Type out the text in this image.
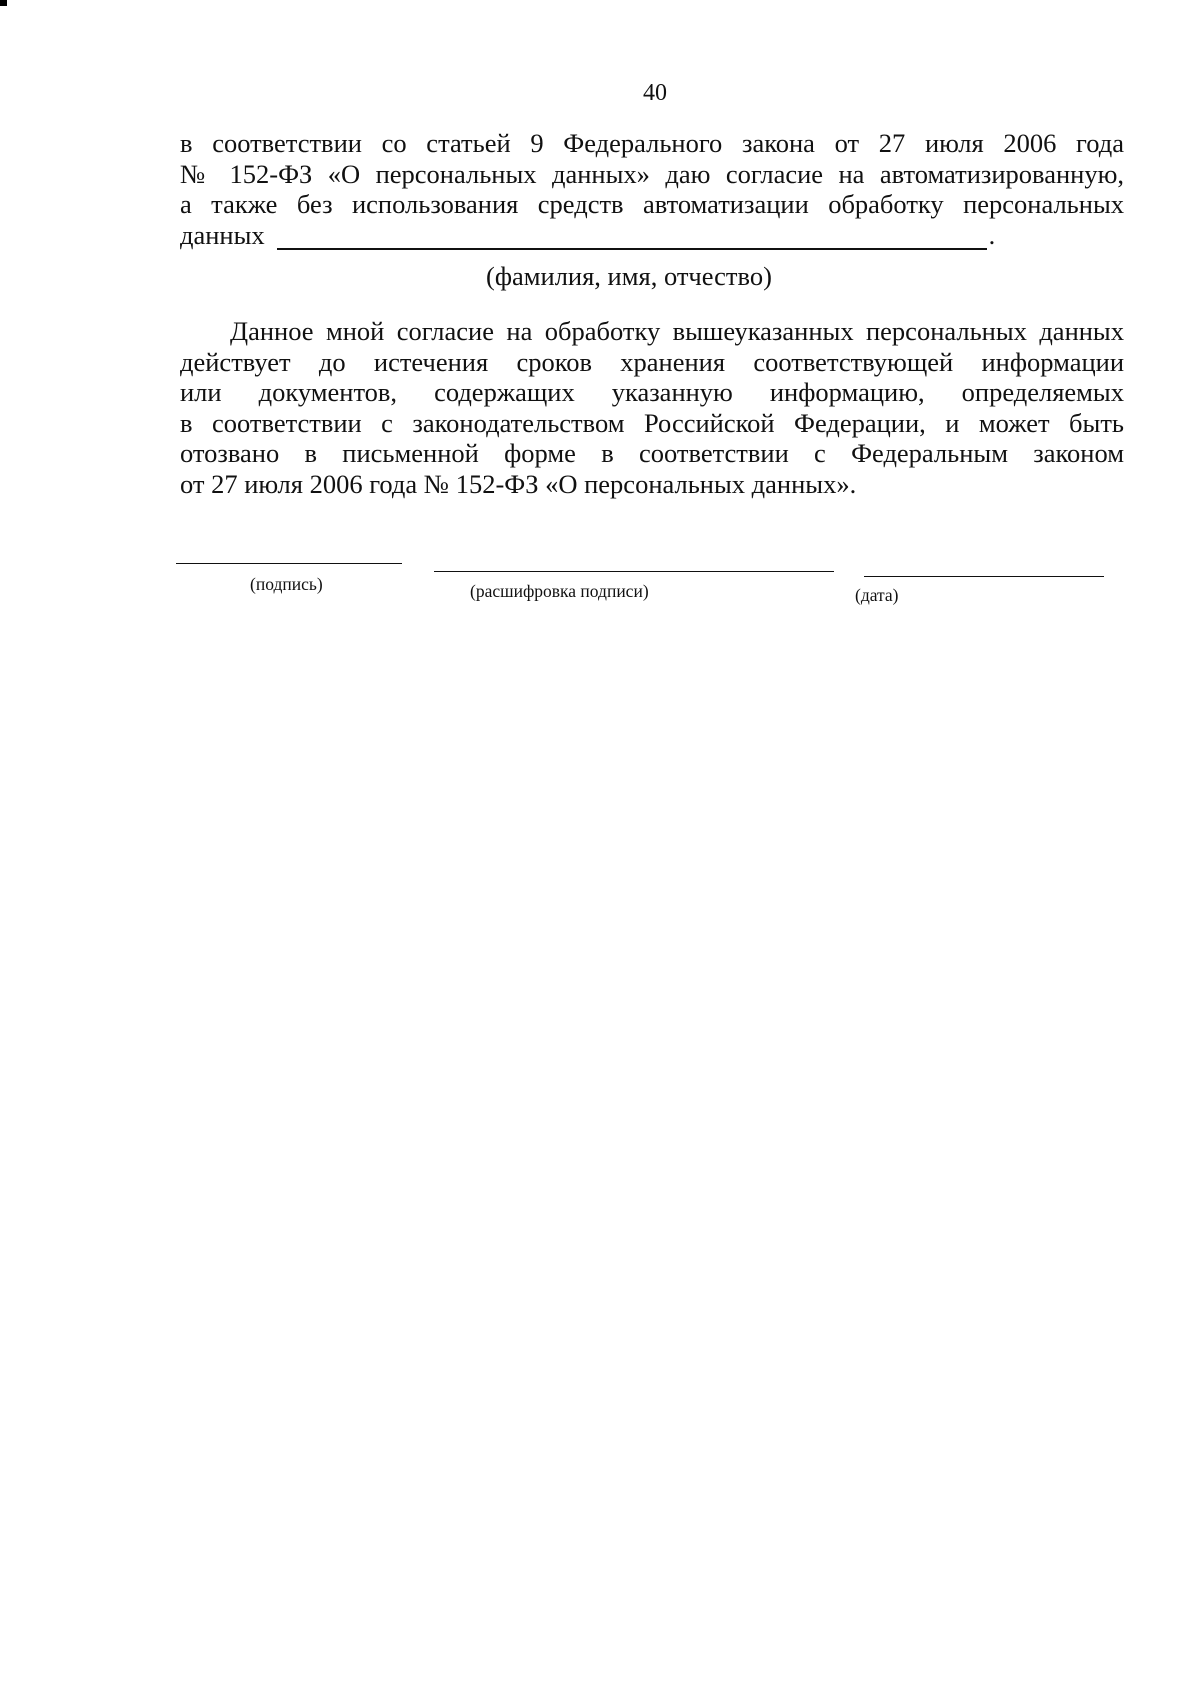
40
в соответствии со статьей 9 Федерального закона от 27 июля 2006 года
№ 152-ФЗ «О персональных данных» даю согласие на автоматизированную,
а также без использования средств автоматизации обработку персональных
данных	.
(фамилия, имя, отчество)
Данное мной согласие на обработку вышеуказанных персональных данных
действует до истечения сроков хранения соответствующей информации
или документов, содержащих указанную информацию, определяемых
в соответствии с законодательством Российской Федерации, и может быть
отозвано в письменной форме в соответствии с Федеральным законом
от 27 июля 2006 года № 152-ФЗ «О персональных данных».
(подпись)	(расшифровка подписи)	(дата)
